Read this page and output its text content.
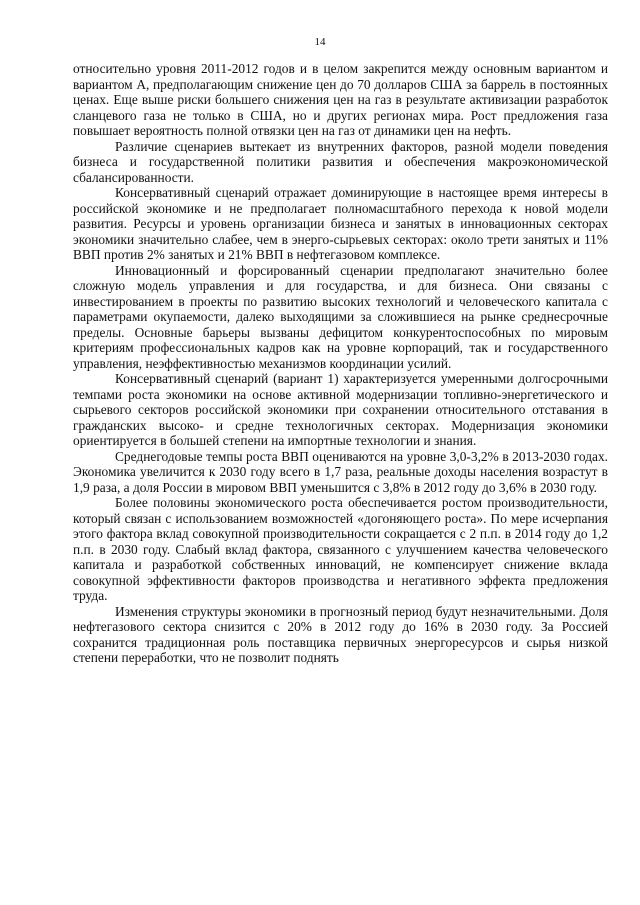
14

относительно уровня 2011-2012 годов и в целом закрепится между основным вариантом и вариантом А, предполагающим снижение цен до 70 долларов США за баррель в постоянных ценах. Еще выше риски большего снижения цен на газ в результате активизации разработок сланцевого газа не только в США, но и других регионах мира. Рост предложения газа повышает вероятность полной отвязки цен на газ от динамики цен на нефть.

Различие сценариев вытекает из внутренних факторов, разной модели поведения бизнеса и государственной политики развития и обеспечения макроэкономической сбалансированности.

Консервативный сценарий отражает доминирующие в настоящее время интересы в российской экономике и не предполагает полномасштабного перехода к новой модели развития. Ресурсы и уровень организации бизнеса и занятых в инновационных секторах экономики значительно слабее, чем в энерго-сырьевых секторах: около трети занятых и 11% ВВП против 2% занятых и 21% ВВП в нефтегазовом комплексе.

Инновационный и форсированный сценарии предполагают значительно более сложную модель управления и для государства, и для бизнеса. Они связаны с инвестированием в проекты по развитию высоких технологий и человеческого капитала с параметрами окупаемости, далеко выходящими за сложившиеся на рынке среднесрочные пределы. Основные барьеры вызваны дефицитом конкурентоспособных по мировым критериям профессиональных кадров как на уровне корпораций, так и государственного управления, неэффективностью механизмов координации усилий.

Консервативный сценарий (вариант 1) характеризуется умеренными долгосрочными темпами роста экономики на основе активной модернизации топливно-энергетического и сырьевого секторов российской экономики при сохранении относительного отставания в гражданских высоко- и средне технологичных секторах. Модернизация экономики ориентируется в большей степени на импортные технологии и знания.

Среднегодовые темпы роста ВВП оцениваются на уровне 3,0-3,2% в 2013-2030 годах. Экономика увеличится к 2030 году всего в 1,7 раза, реальные доходы населения возрастут в 1,9 раза, а доля России в мировом ВВП уменьшится с 3,8% в 2012 году до 3,6% в 2030 году.

Более половины экономического роста обеспечивается ростом производительности, который связан с использованием возможностей «догоняющего роста». По мере исчерпания этого фактора вклад совокупной производительности сокращается с 2 п.п. в 2014 году до 1,2 п.п. в 2030 году. Слабый вклад фактора, связанного с улучшением качества человеческого капитала и разработкой собственных инноваций, не компенсирует снижение вклада совокупной эффективности факторов производства и негативного эффекта предложения труда.

Изменения структуры экономики в прогнозный период будут незначительными. Доля нефтегазового сектора снизится с 20% в 2012 году до 16% в 2030 году. За Россией сохранится традиционная роль поставщика первичных энергоресурсов и сырья низкой степени переработки, что не позволит поднять
